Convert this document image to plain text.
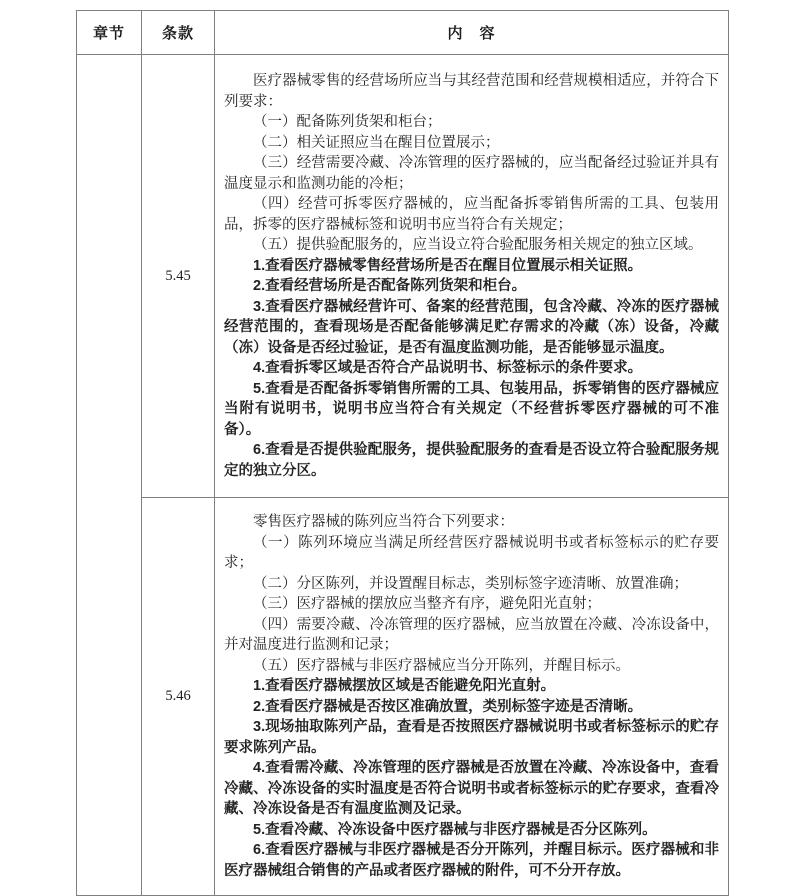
章节	条款	内　容
	5.45	

医疗器械零售的经营场所应当与其经营范围和经营规模相适应，并符合下列要求：

（一）配备陈列货架和柜台；

（二）相关证照应当在醒目位置展示；

（三）经营需要冷藏、冷冻管理的医疗器械的，应当配备经过验证并具有温度显示和监测功能的冷柜；

（四）经营可拆零医疗器械的，应当配备拆零销售所需的工具、包装用品，拆零的医疗器械标签和说明书应当符合有关规定；

（五）提供验配服务的，应当设立符合验配服务相关规定的独立区域。

1.查看医疗器械零售经营场所是否在醒目位置展示相关证照。

2.查看经营场所是否配备陈列货架和柜台。

3.查看医疗器械经营许可、备案的经营范围，包含冷藏、冷冻的医疗器械经营范围的，查看现场是否配备能够满足贮存需求的冷藏（冻）设备，冷藏（冻）设备是否经过验证，是否有温度监测功能，是否能够显示温度。

4.查看拆零区域是否符合产品说明书、标签标示的条件要求。

5.查看是否配备拆零销售所需的工具、包装用品，拆零销售的医疗器械应当附有说明书，说明书应当符合有关规定（不经营拆零医疗器械的可不准备）。

6.查看是否提供验配服务，提供验配服务的查看是否设立符合验配服务规定的独立分区。

5.46	

零售医疗器械的陈列应当符合下列要求：

（一）陈列环境应当满足所经营医疗器械说明书或者标签标示的贮存要求；

（二）分区陈列，并设置醒目标志，类别标签字迹清晰、放置准确；

（三）医疗器械的摆放应当整齐有序，避免阳光直射；

（四）需要冷藏、冷冻管理的医疗器械，应当放置在冷藏、冷冻设备中，并对温度进行监测和记录；

（五）医疗器械与非医疗器械应当分开陈列，并醒目标示。

1.查看医疗器械摆放区域是否能避免阳光直射。

2.查看医疗器械是否按区准确放置，类别标签字迹是否清晰。

3.现场抽取陈列产品，查看是否按照医疗器械说明书或者标签标示的贮存要求陈列产品。

4.查看需冷藏、冷冻管理的医疗器械是否放置在冷藏、冷冻设备中，查看冷藏、冷冻设备的实时温度是否符合说明书或者标签标示的贮存要求，查看冷藏、冷冻设备是否有温度监测及记录。

5.查看冷藏、冷冻设备中医疗器械与非医疗器械是否分区陈列。

6.查看医疗器械与非医疗器械是否分开陈列，并醒目标示。医疗器械和非医疗器械组合销售的产品或者医疗器械的附件，可不分开存放。
